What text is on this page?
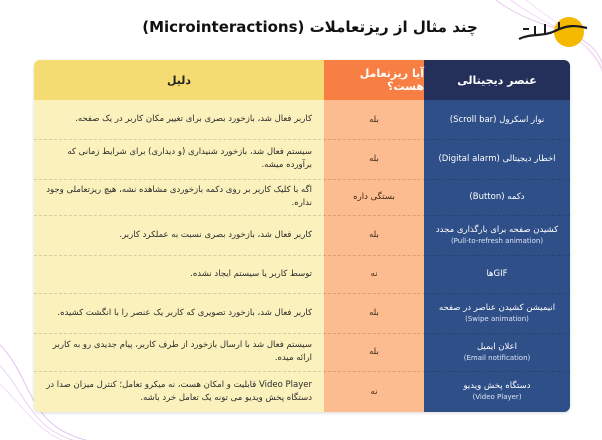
چند مثال از ریزتعاملات (Microinteractions)
عنصر دیجیتالی
آیا ریزتعامل هست؟
دلیل
نوار اسکرول (Scroll bar)
بله
کاربر فعال شد، بازخورد بصری برای تغییر مکان کاربر در یک صفحه.
اخطار دیجیتالی (Digital alarm)
بله
سیستم فعال شد، بازخورد شنیداری (و دیداری) برای شرایط زمانی که برآورده میشه.
دکمه (Button)
بستگی داره
اگه با کلیک کاربر بر روی دکمه بازخوردی مشاهده نشه، هیچ ریزتعاملی وجود نداره.
کشیدن صفحه برای بارگذاری مجدد
(Pull-to-refresh animation)
بله
کاربر فعال شد، بازخورد بصری نسبت به عملکرد کاربر.
GIFها
نه
توسط کاربر یا سیستم ایجاد نشده.
انیمیشن کشیدن عناصر در صفحه
(Swipe animation)
بله
کاربر فعال شد، بازخورد تصویری که کاربر یک عنصر را با انگشت کشیده.
اعلان ایمیل
(Email notification)
بله
سیستم فعال شد با ارسال بازخورد از طرف کاربر، پیام جدیدی رو به کاربر ارائه میده.
دستگاه پخش ویدیو
(Video Player)
نه
Video Player قابلیت و امکان هست، نه میکرو تعامل؛ کنترل میزان صدا در دستگاه پخش ویدیو می تونه یک تعامل خرد باشه.
